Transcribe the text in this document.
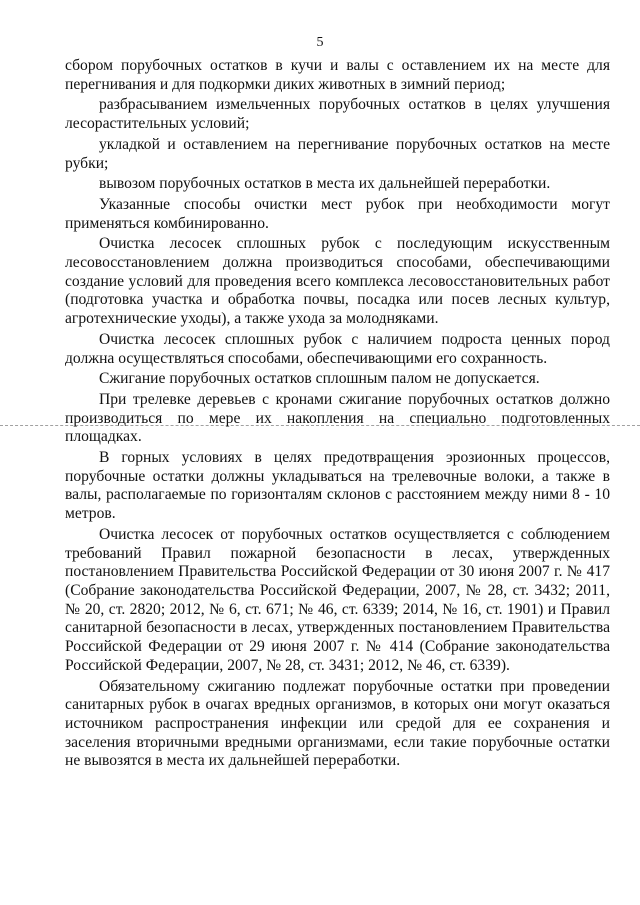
5

сбором порубочных остатков в кучи и валы с оставлением их на месте для перегнивания и для подкормки диких животных в зимний период;

разбрасыванием измельченных порубочных остатков в целях улучшения лесорастительных условий;

укладкой и оставлением на перегнивание порубочных остатков на месте рубки;

вывозом порубочных остатков в места их дальнейшей переработки.

Указанные способы очистки мест рубок при необходимости могут применяться комбинированно.

Очистка лесосек сплошных рубок с последующим искусственным лесовосстановлением должна производиться способами, обеспечивающими создание условий для проведения всего комплекса лесовосстановительных работ (подготовка участка и обработка почвы, посадка или посев лесных культур, агротехнические уходы), а также ухода за молодняками.

Очистка лесосек сплошных рубок с наличием подроста ценных пород должна осуществляться способами, обеспечивающими его сохранность.

Сжигание порубочных остатков сплошным палом не допускается.

При трелевке деревьев с кронами сжигание порубочных остатков должно производиться по мере их накопления на специально подготовленных площадках.

В горных условиях в целях предотвращения эрозионных процессов, порубочные остатки должны укладываться на трелевочные волоки, а также в валы, располагаемые по горизонталям склонов с расстоянием между ними 8 - 10 метров.

Очистка лесосек от порубочных остатков осуществляется с соблюдением требований Правил пожарной безопасности в лесах, утвержденных постановлением Правительства Российской Федерации от 30 июня 2007 г. № 417 (Собрание законодательства Российской Федерации, 2007, № 28, ст. 3432; 2011, № 20, ст. 2820; 2012, № 6, ст. 671; № 46, ст. 6339; 2014, № 16, ст. 1901) и Правил санитарной безопасности в лесах, утвержденных постановлением Правительства Российской Федерации от 29 июня 2007 г. № 414 (Собрание законодательства Российской Федерации, 2007, № 28, ст. 3431; 2012, № 46, ст. 6339).

Обязательному сжиганию подлежат порубочные остатки при проведении санитарных рубок в очагах вредных организмов, в которых они могут оказаться источником распространения инфекции или средой для ее сохранения и заселения вторичными вредными организмами, если такие порубочные остатки не вывозятся в места их дальнейшей переработки.
